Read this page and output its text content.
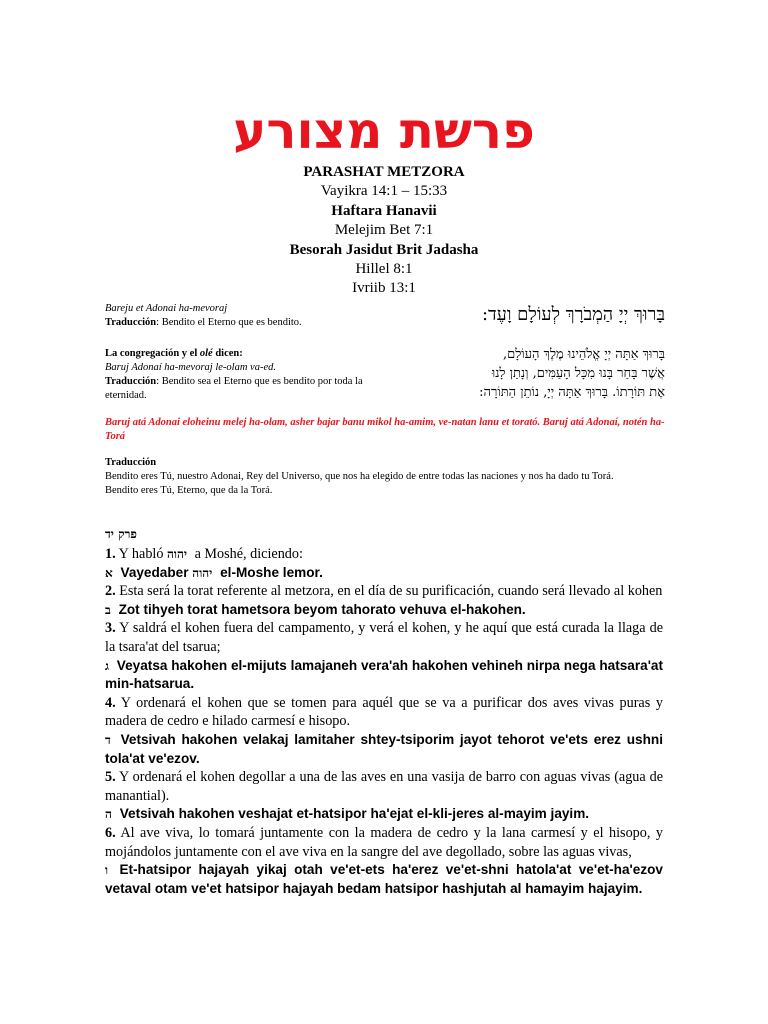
פרשת מצורע
PARASHAT METZORA
Vayikra 14:1 – 15:33
Haftara Hanavii
Melejim Bet 7:1
Besorah Jasidut Brit Jadasha
Hillel 8:1
Ivriib 13:1
Bareju et Adonai ha-mevoraj
Traducción: Bendito el Eterno que es bendito.	בָּרוּךְ יְיָ הַמְבֹרָךְ לְעוֹלָם וָעֶד:
La congregación y el olé dicen:
Baruj Adonaí ha-mevoraj le-olam va-ed.
Traducción: Bendito sea el Eterno que es bendito por toda la eternidad.
בָּרוּךְ אַתָּה יְיָ אֱלֹהֵינוּ מֶלֶךְ הָעוֹלָם,
אֲשֶׁר בָּחַר בָּנוּ מִכָּל הָעַמִּים, וְנָתַן לָנוּ
אֶת תּוֹרָתוֹ. בָּרוּךְ אַתָּה יְיָ, נוֹתֵן הַתּוֹרָה:
Baruj atá Adonai eloheinu melej ha-olam, asher bajar banu mikol ha-amim, ve-natan lanu et torató. Baruj atá Adonaí, notén ha-Torá
Traducción
Bendito eres Tú, nuestro Adonai, Rey del Universo, que nos ha elegido de entre todas las naciones y nos ha dado tu Torá.
Bendito eres Tú, Eterno, que da la Torá.
פרק יד
1. Y habló יהוה a Moshé, diciendo:
א Vayedaber יהוה el-Moshe lemor.
2. Esta será la torat referente al metzora, en el día de su purificación, cuando será llevado al kohen
ב Zot tihyeh torat hametsora beyom tahorato vehuva el-hakohen.
3. Y saldrá el kohen fuera del campamento, y verá el kohen, y he aquí que está curada la llaga de la tsara'at del tsarua;
ג Veyatsa hakohen el-mijuts lamajaneh vera'ah hakohen vehineh nirpa nega hatsara'at min-hatsarua.
4. Y ordenará el kohen que se tomen para aquél que se va a purificar dos aves vivas puras y madera de cedro e hilado carmesí e hisopo.
ד Vetsivah hakohen velakaj lamitaher shtey-tsiporim jayot tehorot ve'ets erez ushni tola'at ve'ezov.
5. Y ordenará el kohen degollar a una de las aves en una vasija de barro con aguas vivas (agua de manantial).
ה Vetsivah hakohen veshajat et-hatsipor ha'ejat el-kli-jeres al-mayim jayim.
6. Al ave viva, lo tomará juntamente con la madera de cedro y la lana carmesí y el hisopo, y mojándolos juntamente con el ave viva en la sangre del ave degollado, sobre las aguas vivas,
ו Et-hatsipor hajayah yikaj otah ve'et-ets ha'erez ve'et-shni hatola'at ve'et-ha'ezov vetaval otam ve'et hatsipor hajayah bedam hatsipor hashjutah al hamayim hajayim.
